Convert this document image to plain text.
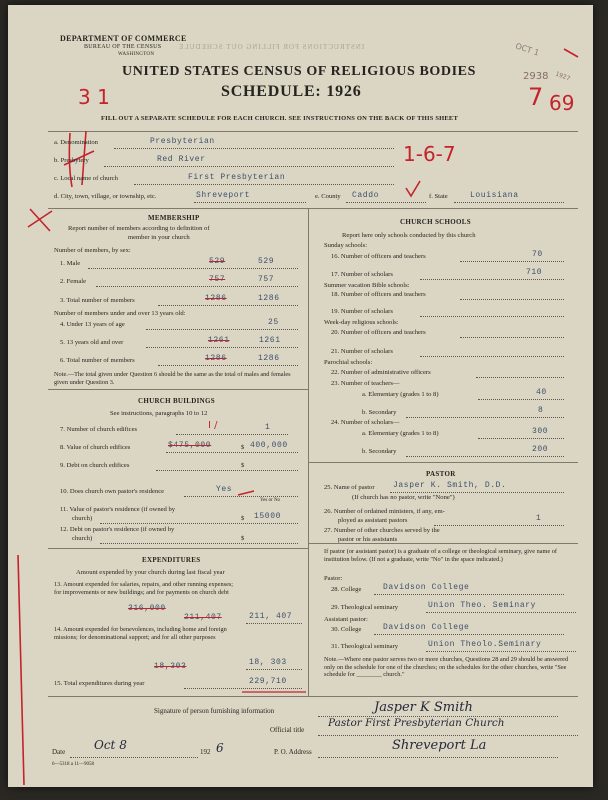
INSTRUCTIONS FOR FILLING OUT SCHEDULE
DEPARTMENT OF COMMERCE
BUREAU OF THE CENSUS
WASHINGTON
UNITED STATES CENSUS OF RELIGIOUS BODIES
SCHEDULE: 1926
FILL OUT A SEPARATE SCHEDULE FOR EACH CHURCH. SEE INSTRUCTIONS ON THE BACK OF THIS SHEET
3 1
OCT 1
2938 1927
7 69
1-6-7
a. Denomination	Presbyterian
b. Presbytery	Red River
c. Local name of church	First Presbyterian
d. City, town, village, or township, etc.	Shreveport	e. County Caddo	f. State	Louisiana
MEMBERSHIP
Report number of members according to definition of
member in your church
Number of members, by sex:
1. Male	529	529
2. Female	757	757
3. Total number of members	1286	1286
Number of members under and over 13 years old:
4. Under 13 years of age	25
5. 13 years old and over	1261	1261
6. Total number of members	1286	1286
Note.—The total given under Question 6 should be the same as the total of males and females given under Question 3.
CHURCH BUILDINGS
See instructions, paragraphs 10 to 12
7. Number of church edifices	I /	1
8. Value of church edifices	$475,000	$ 400,000
9. Debt on church edifices	$
10. Does church own pastor's residence	Yes
Yes or No
11. Value of pastor's residence (if owned by
church)	$ 15000
12. Debt on pastor's residence (if owned by
church)	$
EXPENDITURES
Amount expended by your church during last fiscal year
13. Amount expended for salaries, repairs, and other running expenses; for improvements or new buildings; and for payments on church debt
316,000
211,407	211, 407
14. Amount expended for benevolences, including home and foreign missions; for denominational support; and for all other purposes
18,303	18, 303
15. Total expenditures during year	229,710
CHURCH SCHOOLS
Report here only schools conducted by this church
Sunday schools:
16. Number of officers and teachers	70
17. Number of scholars	710
Summer vacation Bible schools:
18. Number of officers and teachers
19. Number of scholars
Week-day religious schools:
20. Number of officers and teachers
21. Number of scholars
Parochial schools:
22. Number of administrative officers
23. Number of teachers—
a. Elementary (grades 1 to 8)	40
b. Secondary	8
24. Number of scholars—
a. Elementary (grades 1 to 8)	300
b. Secondary	200
PASTOR
25. Name of pastor Jasper K. Smith, D.D.
(If church has no pastor, write "None")
26. Number of ordained ministers, if any, em-
ployed as assistant pastors	1
27. Number of other churches served by the
pastor or his assistants
If pastor (or assistant pastor) is a graduate of a college or theological seminary, give name of institution below. (If not a graduate, write "No" in the space indicated.)
Pastor:
28. College	Davidson College
29. Theological seminary	Union Theo. Seminary
Assistant pastor:
30. College	Davidson College
31. Theological seminary	Union Theolo.Seminary
Note.—Where one pastor serves two or more churches, Questions 28 and 29 should be answered only on the schedule for one of the churches; on the schedules for the other churches, write "See schedule for ________ church."
Signature of person furnishing information	Jasper K Smith
Official title
Pastor First Presbyterian Church
Date Oct 8	192 6	P. O. Address	Shreveport La
6—5318 a 11—9058
